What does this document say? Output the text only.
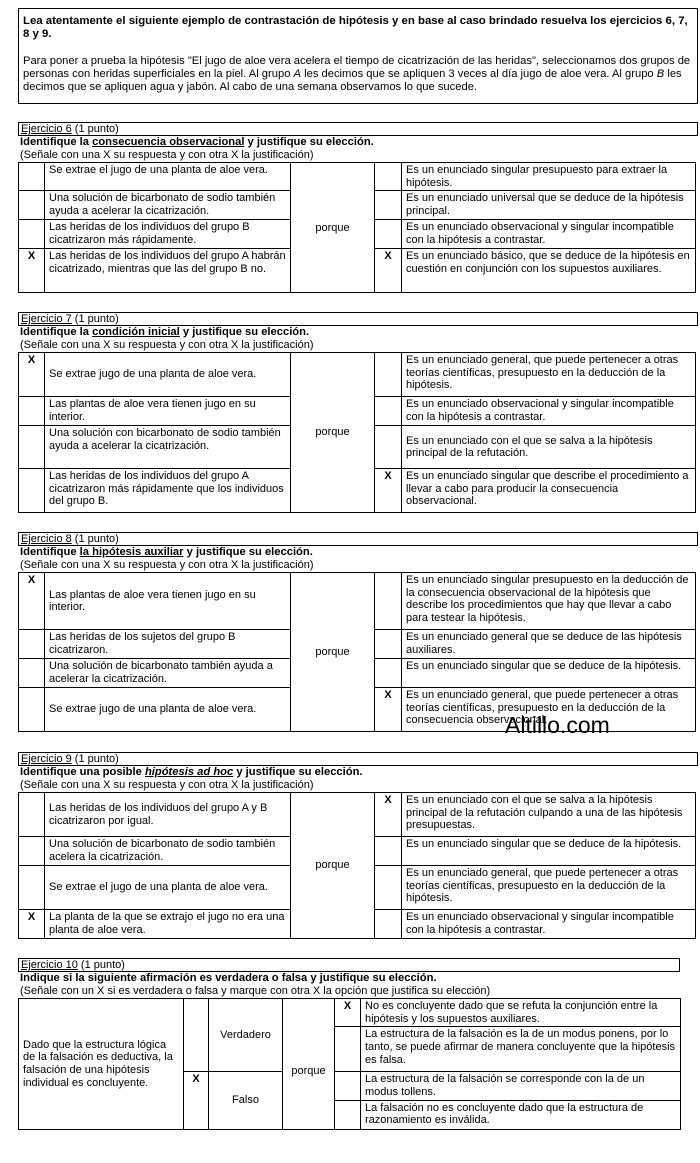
Lea atentamente el siguiente ejemplo de contrastación de hipótesis y en base al caso brindado resuelva los ejercicios 6, 7, 8 y 9.
Para poner a prueba la hipótesis "El jugo de aloe vera acelera el tiempo de cicatrización de las heridas", seleccionamos dos grupos de personas con heridas superficiales en la piel. Al grupo A les decimos que se apliquen 3 veces al día jugo de aloe vera. Al grupo B les decimos que se apliquen agua y jabón. Al cabo de una semana observamos lo que sucede.
Ejercicio 6 (1 punto)
Identifique la consecuencia observacional y justifique su elección.
(Señale con una X su respuesta y con otra X la justificación)
	Se extrae el jugo de una planta de aloe vera.	porque		Es un enunciado singular presupuesto para extraer la hipótesis.
	Una solución de bicarbonato de sodio también ayuda a acelerar la cicatrización.			Es un enunciado universal que se deduce de la hipótesis principal.
	Las heridas de los individuos del grupo B cicatrizaron más rápidamente.			Es un enunciado observacional y singular incompatible con la hipótesis a contrastar.
X	Las heridas de los individuos del grupo A habrán cicatrizado, mientras que las del grupo B no.		X	Es un enunciado básico, que se deduce de la hipótesis en cuestión en conjunción con los supuestos auxiliares.
Ejercicio 7 (1 punto)
Identifique la condición inicial y justifique su elección.
(Señale con una X su respuesta y con otra X la justificación)
X	Se extrae jugo de una planta de aloe vera.	porque		Es un enunciado general, que puede pertenecer a otras teorías científicas, presupuesto en la deducción de la hipótesis.
	Las plantas de aloe vera tienen jugo en su interior.			Es un enunciado observacional y singular incompatible con la hipótesis a contrastar.
	Una solución con bicarbonato de sodio también ayuda a acelerar la cicatrización.			Es un enunciado con el que se salva a la hipótesis principal de la refutación.
	Las heridas de los individuos del grupo A cicatrizaron más rápidamente que los individuos del grupo B.		X	Es un enunciado singular que describe el procedimiento a llevar a cabo para producir la consecuencia observacional.
Ejercicio 8 (1 punto)
Identifique la hipótesis auxiliar y justifique su elección.
(Señale con una X su respuesta y con otra X la justificación)
X	Las plantas de aloe vera tienen jugo en su interior.	porque		Es un enunciado singular presupuesto en la deducción de la consecuencia observacional de la hipótesis que describe los procedimientos que hay que llevar a cabo para testear la hipótesis.
	Las heridas de los sujetos del grupo B cicatrizaron.			Es un enunciado general que se deduce de las hipótesis auxiliares.
	Una solución de bicarbonato también ayuda a acelerar la cicatrización.			Es un enunciado singular que se deduce de la hipótesis.
	Se extrae jugo de una planta de aloe vera.		X	Es un enunciado general, que puede pertenecer a otras teorías científicas, presupuesto en la deducción de la consecuencia observacional.
Ejercicio 9 (1 punto)
Identifique una posible hipótesis ad hoc y justifique su elección.
(Señale con una X su respuesta y con otra X la justificación)
	Las heridas de los individuos del grupo A y B cicatrizaron por igual.	porque	X	Es un enunciado con el que se salva a la hipótesis principal de la refutación culpando a una de las hipótesis presupuestas.
	Una solución de bicarbonato de sodio también acelera la cicatrización.			Es un enunciado singular que se deduce de la hipótesis.
	Se extrae el jugo de una planta de aloe vera.			Es un enunciado general, que puede pertenecer a otras teorías científicas, presupuesto en la deducción de la hipótesis.
X	La planta de la que se extrajo el jugo no era una planta de aloe vera.			Es un enunciado observacional y singular incompatible con la hipótesis a contrastar.
Altillo.com
Ejercicio 10 (1 punto)
Indique si la siguiente afirmación es verdadera o falsa y justifique su elección.
(Señale con un X si es verdadera o falsa y marque con otra X la opción que justifica su elección)
Dado que la estructura lógica de la falsación es deductiva, la falsación de una hipótesis individual es concluyente.		Verdadero	porque	X	No es concluyente dado que se refuta la conjunción entre la hipótesis y los supuestos auxiliares.
					La estructura de la falsación es la de un modus ponens, por lo tanto, se puede afirmar de manera concluyente que la hipótesis es falsa.
	X	Falso			La estructura de la falsación se corresponde con la de un modus tollens.
					La falsación no es concluyente dado que la estructura de razonamiento es inválida.
